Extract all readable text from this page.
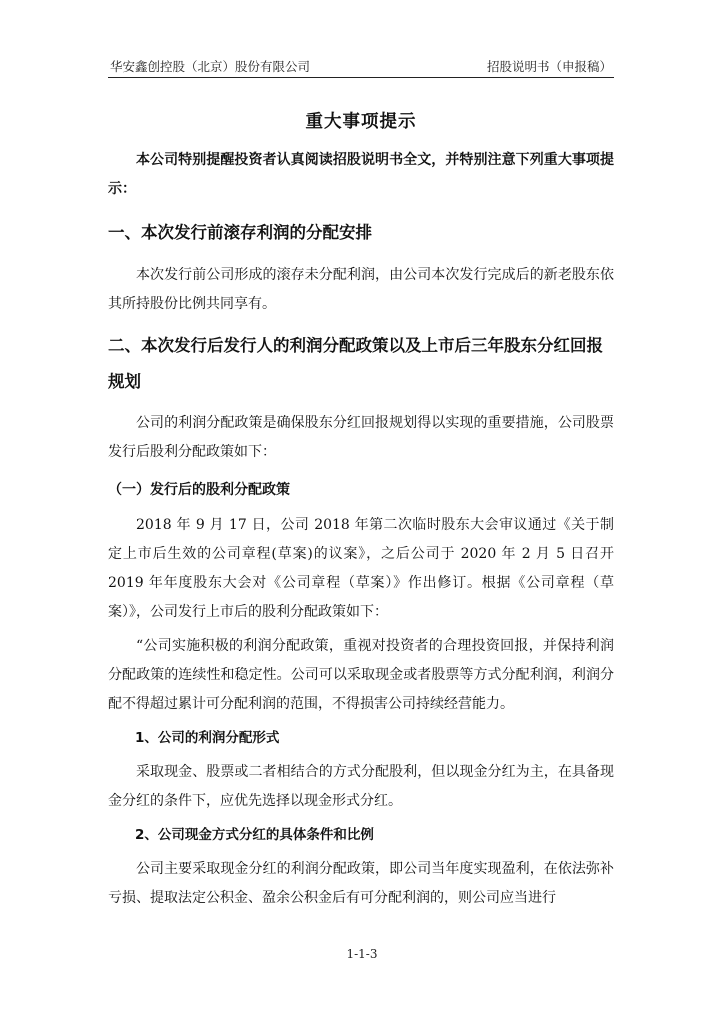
华安鑫创控股（北京）股份有限公司	招股说明书（申报稿）

重大事项提示

本公司特别提醒投资者认真阅读招股说明书全文，并特别注意下列重大事项提示：

一、本次发行前滚存利润的分配安排

本次发行前公司形成的滚存未分配利润，由公司本次发行完成后的新老股东依其所持股份比例共同享有。

二、本次发行后发行人的利润分配政策以及上市后三年股东分红回报规划

公司的利润分配政策是确保股东分红回报规划得以实现的重要措施，公司股票发行后股利分配政策如下：

（一）发行后的股利分配政策

2018 年 9 月 17 日，公司 2018 年第二次临时股东大会审议通过《关于制定上市后生效的公司章程(草案)的议案》，之后公司于 2020 年 2 月 5 日召开 2019 年年度股东大会对《公司章程（草案）》作出修订。根据《公司章程（草案）》，公司发行上市后的股利分配政策如下：

“公司实施积极的利润分配政策，重视对投资者的合理投资回报，并保持利润分配政策的连续性和稳定性。公司可以采取现金或者股票等方式分配利润，利润分配不得超过累计可分配利润的范围，不得损害公司持续经营能力。

1、公司的利润分配形式

采取现金、股票或二者相结合的方式分配股利，但以现金分红为主，在具备现金分红的条件下，应优先选择以现金形式分红。

2、公司现金方式分红的具体条件和比例

公司主要采取现金分红的利润分配政策，即公司当年度实现盈利，在依法弥补亏损、提取法定公积金、盈余公积金后有可分配利润的，则公司应当进行

1-1-3
